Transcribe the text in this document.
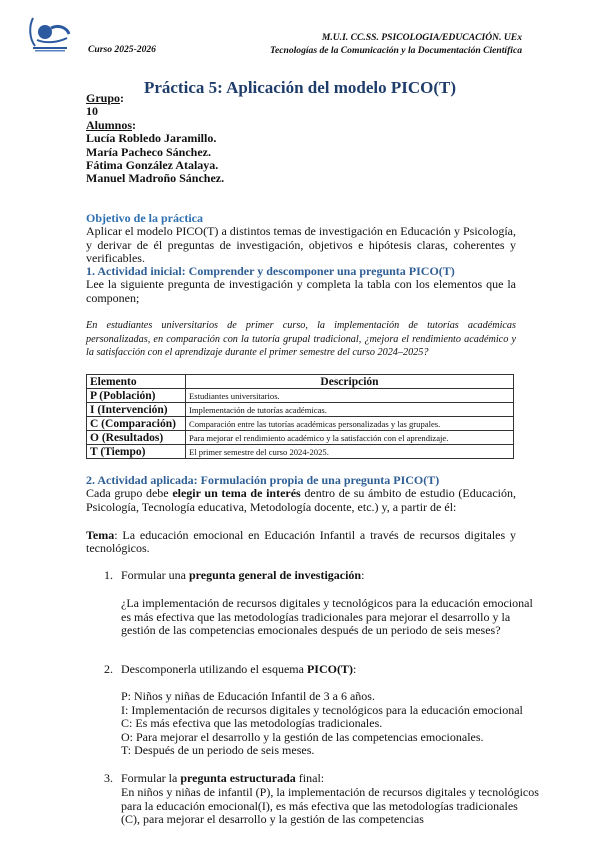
M.U.I. CC.SS. PSICOLOGIA/EDUCACIÓN. UEx
Tecnologías de la Comunicación y la Documentación Científica
Curso 2025-2026
Práctica 5: Aplicación del modelo PICO(T)
Grupo:
10
Alumnos:
Lucía Robledo Jaramillo.
María Pacheco Sánchez.
Fátima González Atalaya.
Manuel Madroño Sánchez.
Objetivo de la práctica
Aplicar el modelo PICO(T) a distintos temas de investigación en Educación y Psicología, y derivar de él preguntas de investigación, objetivos e hipótesis claras, coherentes y verificables.
1. Actividad inicial: Comprender y descomponer una pregunta PICO(T)
Lee la siguiente pregunta de investigación y completa la tabla con los elementos que la componen;
En estudiantes universitarios de primer curso, la implementación de tutorías académicas personalizadas, en comparación con la tutoría grupal tradicional, ¿mejora el rendimiento académico y la satisfacción con el aprendizaje durante el primer semestre del curso 2024–2025?
Elemento	Descripción
P (Población)	Estudiantes universitarios.
I (Intervención)	Implementación de tutorías académicas.
C (Comparación)	Comparación entre las tutorías académicas personalizadas y las grupales.
O (Resultados)	Para mejorar el rendimiento académico y la satisfacción con el aprendizaje.
T (Tiempo)	El primer semestre del curso 2024-2025.
2. Actividad aplicada: Formulación propia de una pregunta PICO(T)
Cada grupo debe elegir un tema de interés dentro de su ámbito de estudio (Educación, Psicología, Tecnología educativa, Metodología docente, etc.) y, a partir de él:
Tema: La educación emocional en Educación Infantil a través de recursos digitales y tecnológicos.
1. Formular una pregunta general de investigación:
¿La implementación de recursos digitales y tecnológicos para la educación emocional es más efectiva que las metodologías tradicionales para mejorar el desarrollo y la gestión de las competencias emocionales después de un periodo de seis meses?
2. Descomponerla utilizando el esquema PICO(T):
P: Niños y niñas de Educación Infantil de 3 a 6 años.
I: Implementación de recursos digitales y tecnológicos para la educación emocional
C: Es más efectiva que las metodologías tradicionales.
O: Para mejorar el desarrollo y la gestión de las competencias emocionales.
T: Después de un periodo de seis meses.
3. Formular la pregunta estructurada final:
En niños y niñas de infantil (P), la implementación de recursos digitales y tecnológicos para la educación emocional(I), es más efectiva que las metodologías tradicionales (C), para mejorar el desarrollo y la gestión de las competencias
